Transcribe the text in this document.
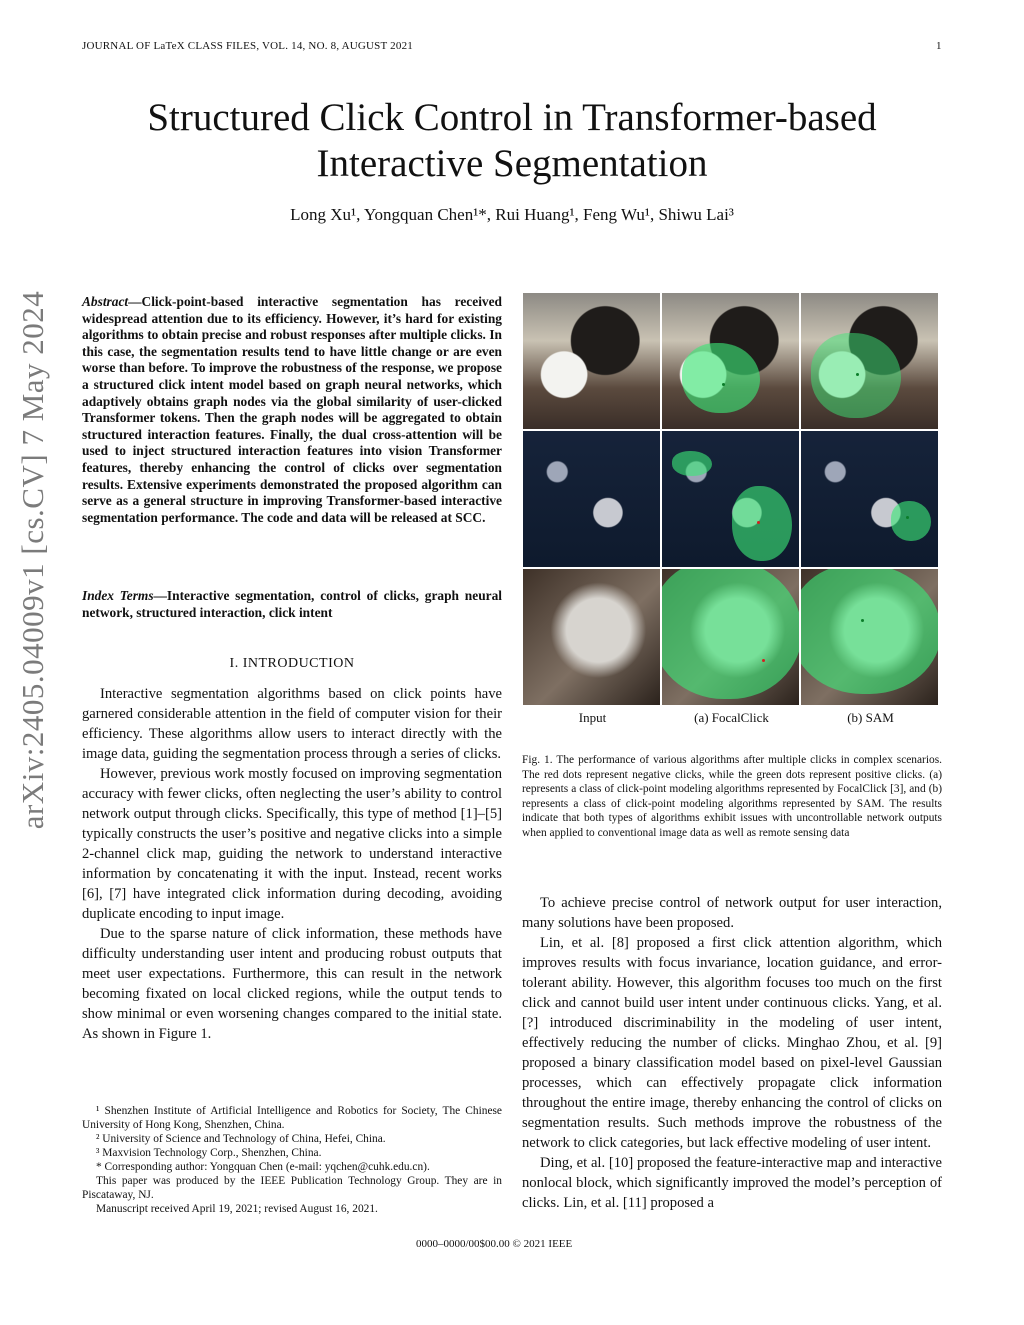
JOURNAL OF LaTeX CLASS FILES, VOL. 14, NO. 8, AUGUST 2021	1
Structured Click Control in Transformer-based
Interactive Segmentation
Long Xu¹, Yongquan Chen¹*, Rui Huang¹, Feng Wu¹, Shiwu Lai³
arXiv:2405.04009v1 [cs.CV] 7 May 2024 Abstract—Click-point-based interactive segmentation has received widespread attention due to its efficiency. However, it’s hard for existing algorithms to obtain precise and robust responses after multiple clicks. In this case, the segmentation results tend to have little change or are even worse than before. To improve the robustness of the response, we propose a structured click intent model based on graph neural networks, which adaptively obtains graph nodes via the global similarity of user-clicked Transformer tokens. Then the graph nodes will be aggregated to obtain structured interaction features. Finally, the dual cross-attention will be used to inject structured interaction features into vision Transformer features, thereby enhancing the control of clicks over segmentation results. Extensive experiments demonstrated the proposed algorithm can serve as a general structure in improving Transformer-based interactive segmentation performance. The code and data will be released at SCC.
Index Terms—Interactive segmentation, control of clicks, graph neural network, structured interaction, click intent
I. INTRODUCTION

Interactive segmentation algorithms based on click points have garnered considerable attention in the field of computer vision for their efficiency. These algorithms allow users to interact directly with the image data, guiding the segmentation process through a series of clicks.

However, previous work mostly focused on improving segmentation accuracy with fewer clicks, often neglecting the user’s ability to control network output through clicks. Specifically, this type of method [1]–[5] typically constructs the user’s positive and negative clicks into a simple 2-channel click map, guiding the network to understand interactive information by concatenating it with the input. Instead, recent works [6], [7] have integrated click information during decoding, avoiding duplicate encoding to input image.

Due to the sparse nature of click information, these methods have difficulty understanding user intent and producing robust outputs that meet user expectations. Furthermore, this can result in the network becoming fixated on local clicked regions, while the output tends to show minimal or even worsening changes compared to the initial state. As shown in Figure 1.

¹ Shenzhen Institute of Artificial Intelligence and Robotics for Society, The Chinese University of Hong Kong, Shenzhen, China.
² University of Science and Technology of China, Hefei, China.
³ Maxvision Technology Corp., Shenzhen, China.
* Corresponding author: Yongquan Chen (e-mail: yqchen@cuhk.edu.cn).
This paper was produced by the IEEE Publication Technology Group. They are in Piscataway, NJ.
Manuscript received April 19, 2021; revised August 16, 2021.
Input	(a) FocalClick	(b) SAM
Fig. 1. The performance of various algorithms after multiple clicks in complex scenarios. The red dots represent negative clicks, while the green dots represent positive clicks. (a) represents a class of click-point modeling algorithms represented by FocalClick [3], and (b) represents a class of click-point modeling algorithms represented by SAM. The results indicate that both types of algorithms exhibit issues with uncontrollable network outputs when applied to conventional image data as well as remote sensing data

To achieve precise control of network output for user interaction, many solutions have been proposed.

Lin, et al. [8] proposed a first click attention algorithm, which improves results with focus invariance, location guidance, and error-tolerant ability. However, this algorithm focuses too much on the first click and cannot build user intent under continuous clicks. Yang, et al. [?] introduced discriminability in the modeling of user intent, effectively reducing the number of clicks. Minghao Zhou, et al. [9] proposed a binary classification model based on pixel-level Gaussian processes, which can effectively propagate click information throughout the entire image, thereby enhancing the control of clicks on segmentation results. Such methods improve the robustness of the network to click categories, but lack effective modeling of user intent.

Ding, et al. [10] proposed the feature-interactive map and interactive nonlocal block, which significantly improved the model’s perception of clicks. Lin, et al. [11] proposed a

0000–0000/00$00.00 © 2021 IEEE
